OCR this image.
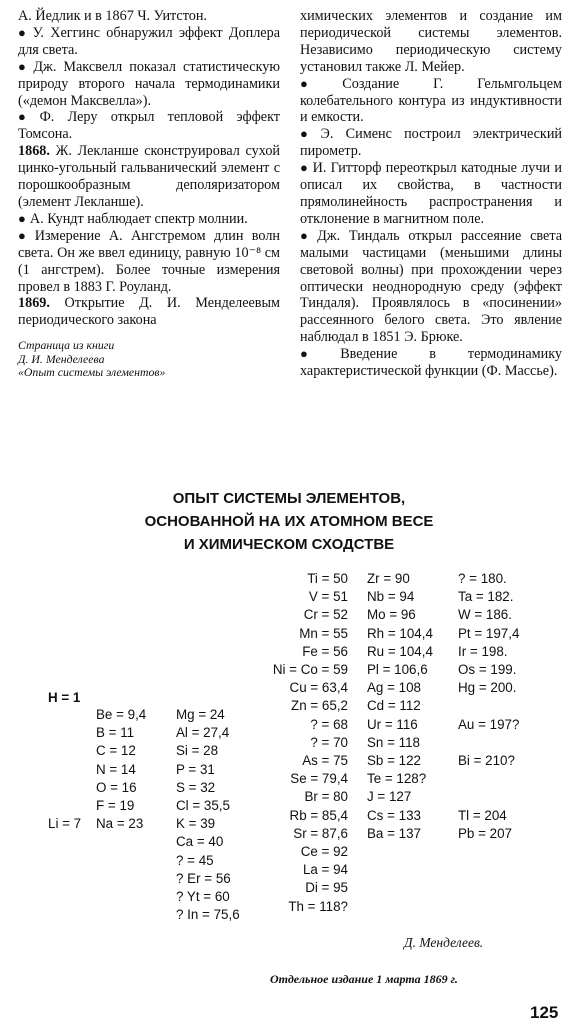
А. Йедлик и в 1867 Ч. Уитстон.

● У. Хеггинс обнаружил эффект Доплера для света.

● Дж. Максвелл показал статистическую природу второго начала термодинамики («демон Максвелла»).

● Ф. Леру открыл тепловой эффект Томсона.

1868. Ж. Лекланше сконструировал сухой цинко-угольный гальванический элемент с порошкообразным деполяризатором (элемент Лекланше).

● А. Кундт наблюдает спектр молнии.

● Измерение А. Ангстремом длин волн света. Он же ввел единицу, равную 10⁻⁸ см (1 ангстрем). Более точные измерения провел в 1883 Г. Роуланд.

1869. Открытие Д. И. Менделеевым периодического закона

Страница из книги
Д. И. Менделеева
«Опыт системы элементов»

химических элементов и создание им периодической системы элементов. Независимо периодическую систему установил также Л. Мейер.

● Создание Г. Гельмгольцем колебательного контура из индуктивности и емкости.

● Э. Сименс построил электрический пирометр.

● И. Гитторф переоткрыл катодные лучи и описал их свойства, в частности прямолинейность распространения и отклонение в магнитном поле.

● Дж. Тиндаль открыл рассеяние света малыми частицами (меньшими длины световой волны) при прохождении через оптически неоднородную среду (эффект Тиндаля). Проявлялось в «посинении» рассеянного белого света. Это явление наблюдал в 1851 Э. Брюке.

● Введение в термодинамику характеристической функции (Ф. Массье).

ОПЫТ СИСТЕМЫ ЭЛЕМЕНТОВ,
ОСНОВАННОЙ НА ИХ АТОМНОМ ВЕСЕ
И ХИМИЧЕСКОМ СХОДСТВЕ
H = 1
Li = 7
Ti = 50
V = 51
Cr = 52
Mn = 55
Fe = 56
Ni = Co = 59
Cu = 63,4
Zn = 65,2
? = 68
? = 70
As = 75
Se = 79,4
Br = 80
Rb = 85,4
Sr = 87,6
Ce = 92
La = 94
Di = 95
Th = 118?
Zr = 90
Nb = 94
Mo = 96
Rh = 104,4
Ru = 104,4
Pl = 106,6
Ag = 108
Cd = 112
Ur = 116
Sn = 118
Sb = 122
Te = 128?
J = 127
Cs = 133
Ba = 137
? = 180.
Ta = 182.
W = 186.
Pt = 197,4
Ir = 198.
Os = 199.
Hg = 200.
Au = 197?
Bi = 210?
Tl = 204
Pb = 207
Be = 9,4
B = 11
C = 12
N = 14
O = 16
F = 19
Na = 23
Mg = 24
Al = 27,4
Si = 28
P = 31
S = 32
Cl = 35,5
K = 39
Ca = 40
? = 45
? Er = 56
? Yt = 60
? In = 75,6
Д. Менделеев.
Отдельное издание 1 марта 1869 г.
125
